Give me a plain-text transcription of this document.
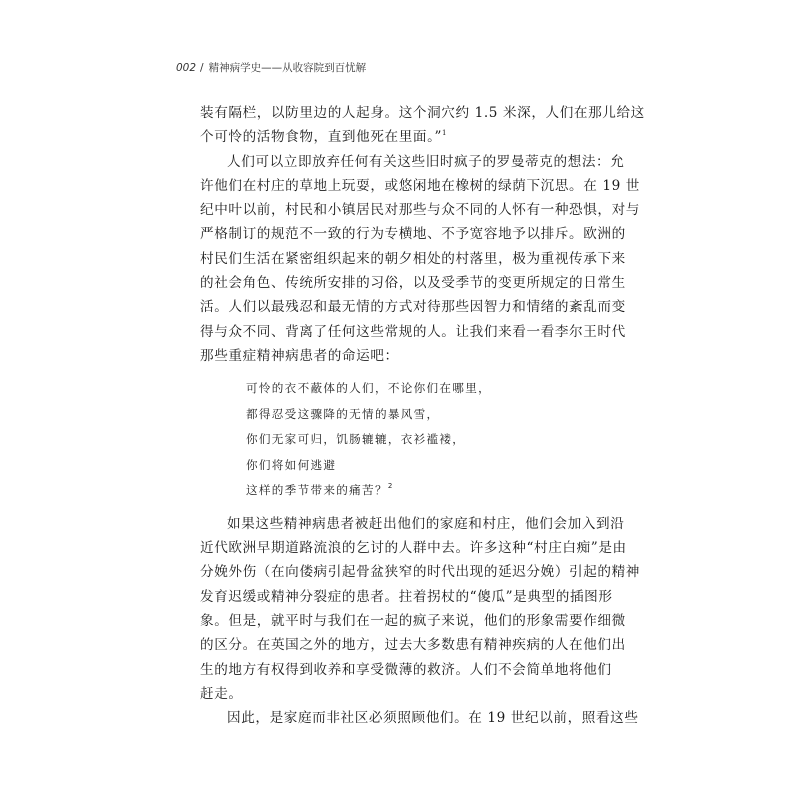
002 / 精神病学史——从收容院到百忧解

装有隔栏，以防里边的人起身。这个洞穴约 1.5 米深，人们在那儿给这
个可怜的活物食物，直到他死在里面。”$^1$

人们可以立即放弃任何有关这些旧时疯子的罗曼蒂克的想法：允
许他们在村庄的草地上玩耍，或悠闲地在橡树的绿荫下沉思。在 19 世
纪中叶以前，村民和小镇居民对那些与众不同的人怀有一种恐惧，对与
严格制订的规范不一致的行为专横地、不予宽容地予以排斥。欧洲的
村民们生活在紧密组织起来的朝夕相处的村落里，极为重视传承下来
的社会角色、传统所安排的习俗，以及受季节的变更所规定的日常生
活。人们以最残忍和最无情的方式对待那些因智力和情绪的紊乱而变
得与众不同、背离了任何这些常规的人。让我们来看一看李尔王时代
那些重症精神病患者的命运吧：

可怜的衣不蔽体的人们，不论你们在哪里，
都得忍受这骤降的无情的暴风雪，
你们无家可归，饥肠辘辘，衣衫褴褛，
你们将如何逃避
这样的季节带来的痛苦？$^2$

如果这些精神病患者被赶出他们的家庭和村庄，他们会加入到沿
近代欧洲早期道路流浪的乞讨的人群中去。许多这种“村庄白痴”是由
分娩外伤（在向偻病引起骨盆狭窄的时代出现的延迟分娩）引起的精神
发育迟缓或精神分裂症的患者。拄着拐杖的“傻瓜”是典型的插图形
象。但是，就平时与我们在一起的疯子来说，他们的形象需要作细微
的区分。在英国之外的地方，过去大多数患有精神疾病的人在他们出
生的地方有权得到收养和享受微薄的救济。人们不会简单地将他们
赶走。

因此，是家庭而非社区必须照顾他们。在 19 世纪以前，照看这些
